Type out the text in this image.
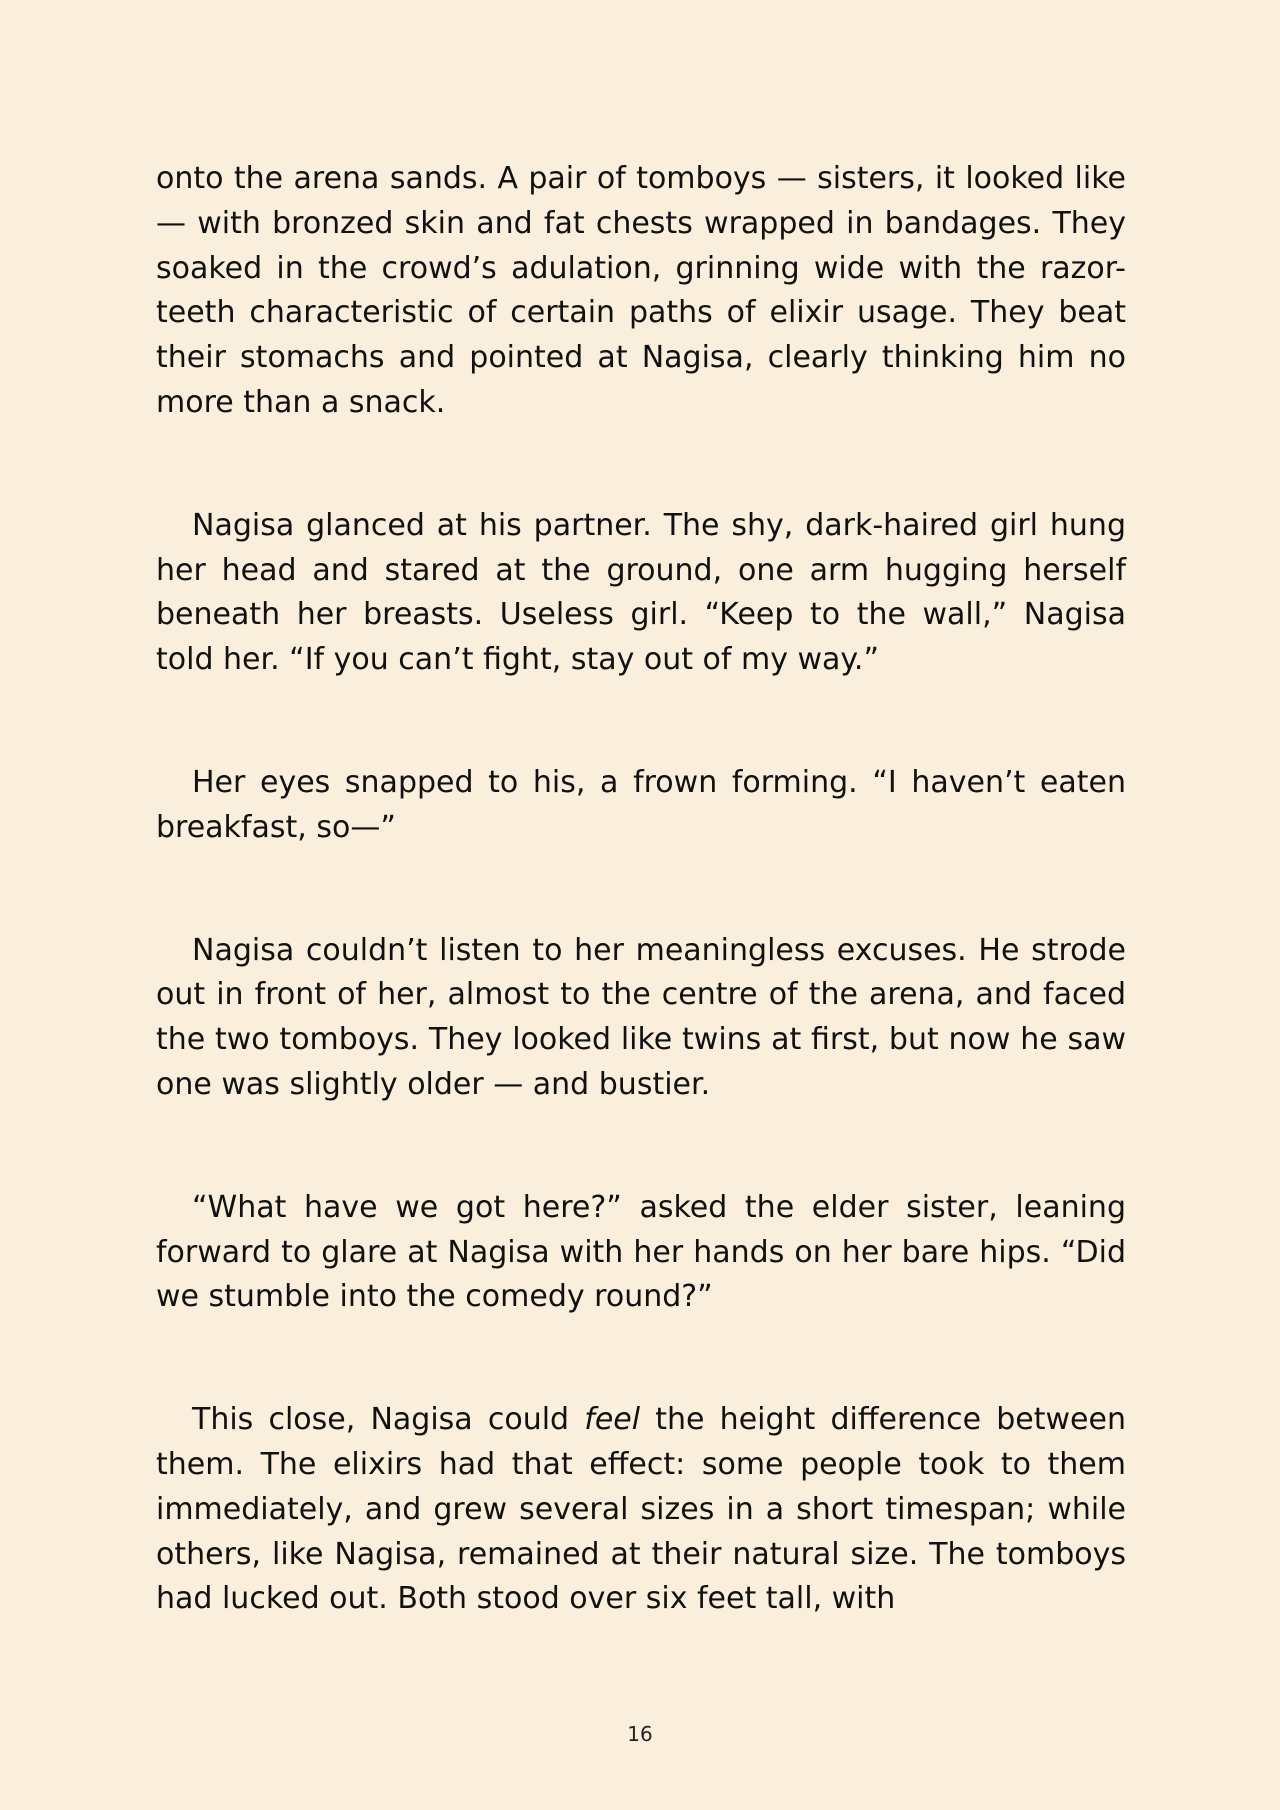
onto the arena sands. A pair of tomboys — sisters, it looked like — with bronzed skin and fat chests wrapped in bandages. They soaked in the crowd’s adulation, grinning wide with the razor-teeth characteristic of certain paths of elixir usage. They beat their stomachs and pointed at Nagisa, clearly thinking him no more than a snack.

Nagisa glanced at his partner. The shy, dark-haired girl hung her head and stared at the ground, one arm hugging herself beneath her breasts. Useless girl. “Keep to the wall,” Nagisa told her. “If you can’t fight, stay out of my way.”

Her eyes snapped to his, a frown forming. “I haven’t eaten breakfast, so—”

Nagisa couldn’t listen to her meaningless excuses. He strode out in front of her, almost to the centre of the arena, and faced the two tomboys. They looked like twins at first, but now he saw one was slightly older — and bustier.

“What have we got here?” asked the elder sister, leaning forward to glare at Nagisa with her hands on her bare hips. “Did we stumble into the comedy round?”

This close, Nagisa could feel the height difference between them. The elixirs had that effect: some people took to them immediately, and grew several sizes in a short timespan; while others, like Nagisa, remained at their natural size. The tomboys had lucked out. Both stood over six feet tall, with

16
